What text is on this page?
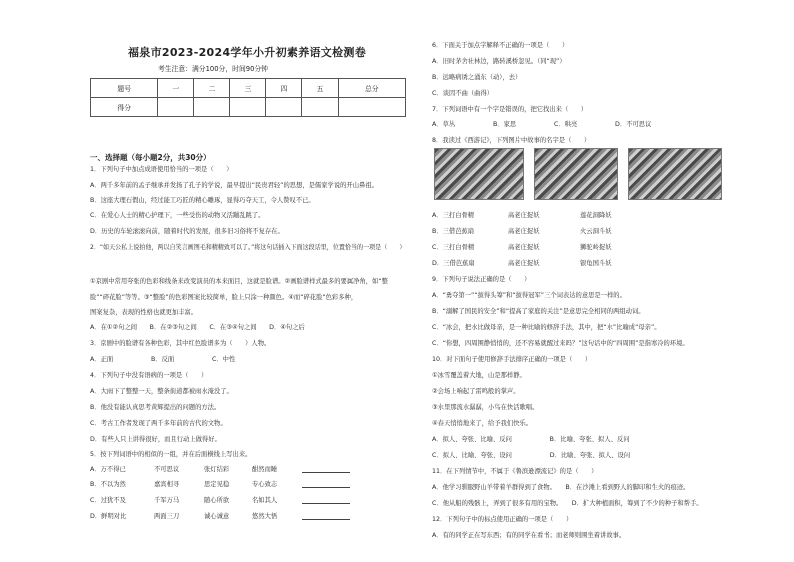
福泉市2023-2024学年小升初素养语文检测卷
考生注意：满分100分，时间90分钟
题号	一	二	三	四	五	总分
得分						
一、选择题（每小题2分，共30分）
1．下列句子中加点成语使用恰当的一项是（　　）
A．两千多年前的孟子继承并发扬了孔子的学说，最早提出“民贵君轻”的思想，是儒家学说的开山鼻祖。
B．这座大理石假山，经过能工巧匠的精心雕琢，显得巧夺天工，令人赞叹不已。
C．在爱心人士的精心护理下，一些受伤的动物又活蹦乱跳了。
D．历史的车轮滚滚向前，随着时代的发展，很多旧习俗将不复存在。
2．“如天公私上说拍他，两以自笑言画图毛和精精致可以了。”将这句话插入下面这段话里，位置恰当的一项是（　　）
①京剧中常用夸张的色彩和线条来改变演员的本来面目，这就是脸谱。②画脸谱样式最多的要属净角，如“整
脸”“碎花脸”等等。③“整脸”的色彩图案比较简单，脸上只涂一种颜色。④而“碎花脸”色彩多种，
图案复杂，表现的性格也就更加丰富。
A．在①②句之间　　B．在②③句之间　　C．在③④句之间　　D．④句之后
3．京剧中的脸谱有各种色彩，其中红色脸谱多为（　　）人物。
A．正面　　　　　　B．反面　　　　　　C．中性
4．下列句子中没有语病的一项是（　　）
A．大雨下了整整一天，整条街道都被雨水淹没了。
B．他没有能认真思考黄辉提出的问题的方法。
C．考古工作者发现了两千多年前的古代的文物。
D．有些人只上讲得很好，而且行动上做得好。
5．按下列词语中的相似的一组，并在后面横线上写出来。
A．万不得已	不可思议	张灯结彩	酣然而睡
B．不以为然	嘉宾相寻	思定见稳	专心致志
C．过犹不及	千军万马	随心所欲	名如其人
D．鲜明对比	两面三刀	诚心诚意	悠然大悟
6．下面关于加点字解释不正确的一项是（　　）
A．旧时茅舍社林边，路转溪桥忽见。（同“现”）
B．远略病诱之涌东（动），去）
C．谈因不曲（曲得）
7．下列词语中有一个字是错误的，把它找出来（　　）
A．草丛　　　　　　B．家思　　　　　　C．哄亮　　　　　　D．不可思议
8．我读过《西游记》，下列图片中故事的名字是（　　）
A．三打白骨精	高老庄捉妖	莲花洞降妖
B．三借芭蕉扇	高老庄捉妖	火云洞斗妖
C．三打白骨精	高老庄捉妖	狮驼岭捉妖
D．三借芭蕉扇	高老庄捉妖	银龟国斗妖
9．下列句子说法正确的是（　　）
A．“勇夺第一”“拔得头筹”和“拔得冠军”三个词表达的意思是一样的。
B．“溺解了国民的安全”和“提高了家庭的关注”是意思完全相同的两组动词。
C．“冰会，把水比做母亲，是一种比喻的修辞手法，其中，把“水”比喻成“母亲”。
C．“你想，四周围静悄悄的，还不容易就醒过来吗？”这句话中的“四周围”是指寒冷的环境。
10．对下面句子使用修辞手法排序正确的一项是（　　）
①冰雪覆盖着大地，山是那样静。
②会场上响起了雷鸣般的掌声。
③水里那流水潺潺，小鸟在快活歌唱。
④春天悄悄地来了，给予我们快乐。
A．拟人、夸张、比喻、反问　　　　　　B．比喻、夸张、拟人、反问
C．拟人、比喻、夸张、设问　　　　　　D．比喻、夸张、拟人、设问
11．在下列情节中，不属于《鲁滨逊漂流记》的是（　　）
A．他学习驯服野山羊带着羊群得到了食物。　　B．在沙滩上看到野人的脚印和生火的痕迹。
C．他从船的残骸上，弄到了很多有用的宝物。　　D．扩大种植面积，筹到了不少的种子和帮手。
12．下列句子中的标点使用正确的一项是（　　）
A．有的同学正在写东西；有的同学在看书；而老师则围坐着讲故事。
